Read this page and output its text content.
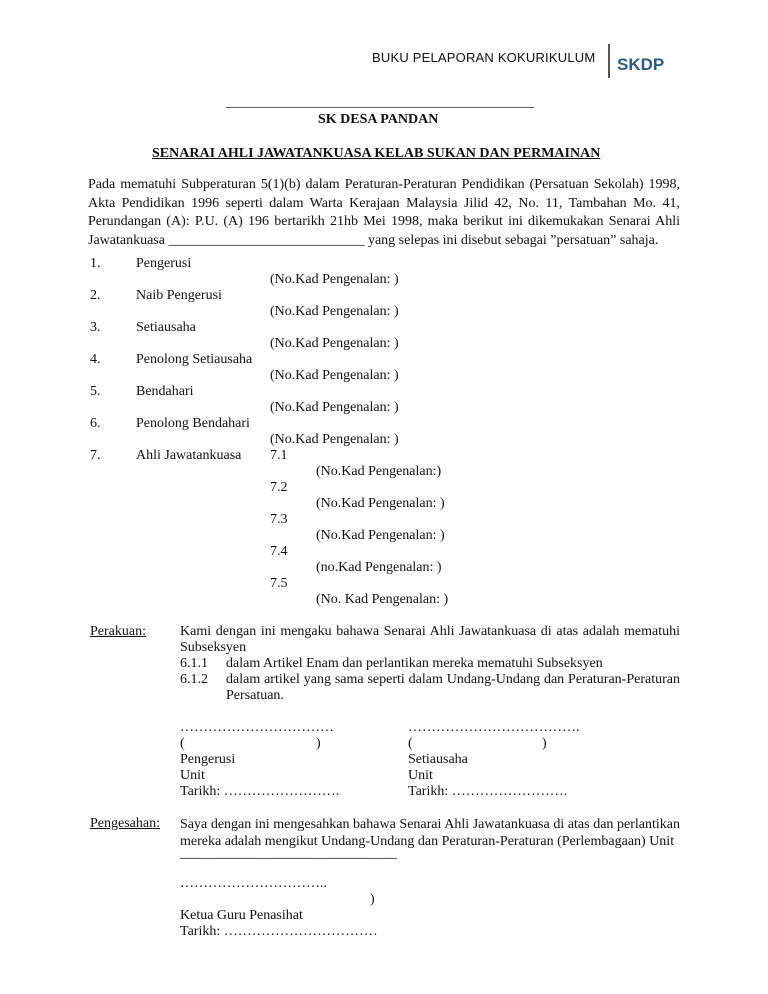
BUKU PELAPORAN KOKURIKULUM SKDP
____________________________________________
SK DESA PANDAN
SENARAI AHLI JAWATANKUASA KELAB SUKAN DAN PERMAINAN
Pada mematuhi Subperaturan 5(1)(b) dalam Peraturan-Peraturan Pendidikan (Persatuan Sekolah) 1998, Akta Pendidikan 1996 seperti dalam Warta Kerajaan Malaysia Jilid 42, No. 11, Tambahan Mo. 41, Perundangan (A): P.U. (A) 196 bertarikh 21hb Mei 1998, maka berikut ini dikemukakan Senarai Ahli Jawatankuasa ____________________________ yang selepas ini disebut sebagai ”persatuan” sahaja.
1.	Pengerusi
(No.Kad Pengenalan: )
2.	Naib Pengerusi
(No.Kad Pengenalan: )
3.	Setiausaha
(No.Kad Pengenalan: )
4.	Penolong Setiausaha
(No.Kad Pengenalan: )
5.	Bendahari
(No.Kad Pengenalan: )
6.	Penolong Bendahari
(No.Kad Pengenalan: )
7.	Ahli Jawatankuasa 7.1
(No.Kad Pengenalan:)
7.2
(No.Kad Pengenalan: )
7.3
(No.Kad Pengenalan: )
7.4
(no.Kad Pengenalan: )
7.5
(No. Kad Pengenalan: )
Perakuan: Kami dengan ini mengaku bahawa Senarai Ahli Jawatankuasa di atas adalah mematuhi Subseksyen
6.1.1 dalam Artikel Enam dan perlantikan mereka mematuhi Subseksyen
6.1.2 dalam artikel yang sama seperti dalam Undang-Undang dan Peraturan-Peraturan
Persatuan.
……………………………
(	)
Pengerusi
Unit
Tarikh: …………………….
……………………………….
(	)
Setiausaha
Unit
Tarikh: …………………….
Pengesahan: Saya dengan ini mengesahkan bahawa Senarai Ahli Jawatankuasa di atas dan perlantikan mereka adalah mengikut Undang-Undang dan Peraturan-Peraturan (Perlembagaan) Unit
_______________________________
…………………………..
)
Ketua Guru Penasihat
Tarikh: ……………………………
